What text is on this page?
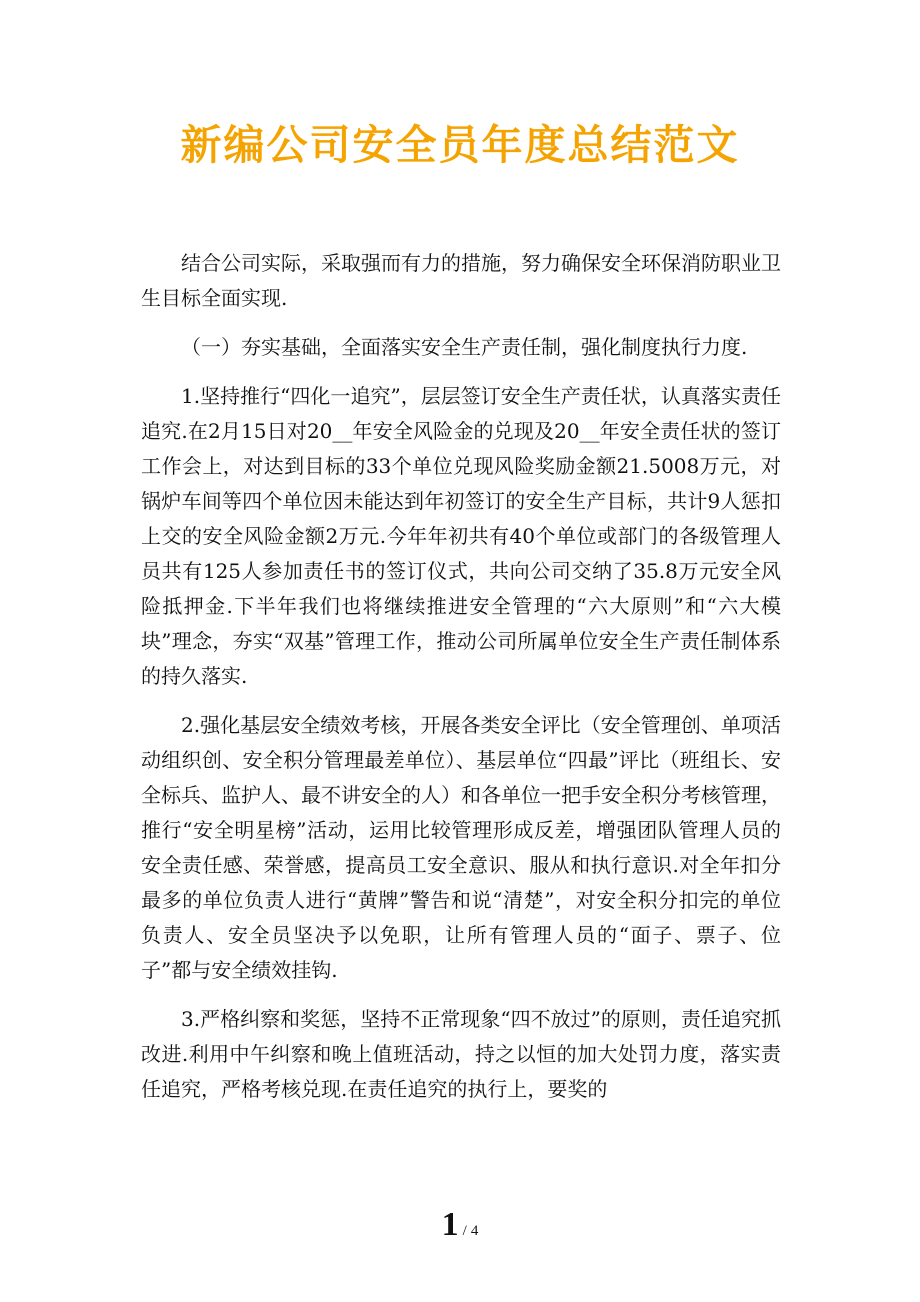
新编公司安全员年度总结范文

结合公司实际，采取强而有力的措施，努力确保安全环保消防职业卫生目标全面实现.

（一）夯实基础，全面落实安全生产责任制，强化制度执行力度.

1.坚持推行“四化一追究”，层层签订安全生产责任状，认真落实责任追究.在2月15日对20__年安全风险金的兑现及20__年安全责任状的签订工作会上，对达到目标的33个单位兑现风险奖励金额21.5008万元，对锅炉车间等四个单位因未能达到年初签订的安全生产目标，共计9人惩扣上交的安全风险金额2万元.今年年初共有40个单位或部门的各级管理人员共有125人参加责任书的签订仪式，共向公司交纳了35.8万元安全风险抵押金.下半年我们也将继续推进安全管理的“六大原则”和“六大模块”理念，夯实“双基”管理工作，推动公司所属单位安全生产责任制体系的持久落实.

2.强化基层安全绩效考核，开展各类安全评比（安全管理创、单项活动组织创、安全积分管理最差单位）、基层单位“四最”评比（班组长、安全标兵、监护人、最不讲安全的人）和各单位一把手安全积分考核管理，推行“安全明星榜”活动，运用比较管理形成反差，增强团队管理人员的安全责任感、荣誉感，提高员工安全意识、服从和执行意识.对全年扣分最多的单位负责人进行“黄牌”警告和说“清楚”，对安全积分扣完的单位负责人、安全员坚决予以免职，让所有管理人员的“面子、票子、位子”都与安全绩效挂钩.

3.严格纠察和奖惩，坚持不正常现象“四不放过”的原则，责任追究抓改进.利用中午纠察和晚上值班活动，持之以恒的加大处罚力度，落实责任追究，严格考核兑现.在责任追究的执行上，要奖的

1 / 4
